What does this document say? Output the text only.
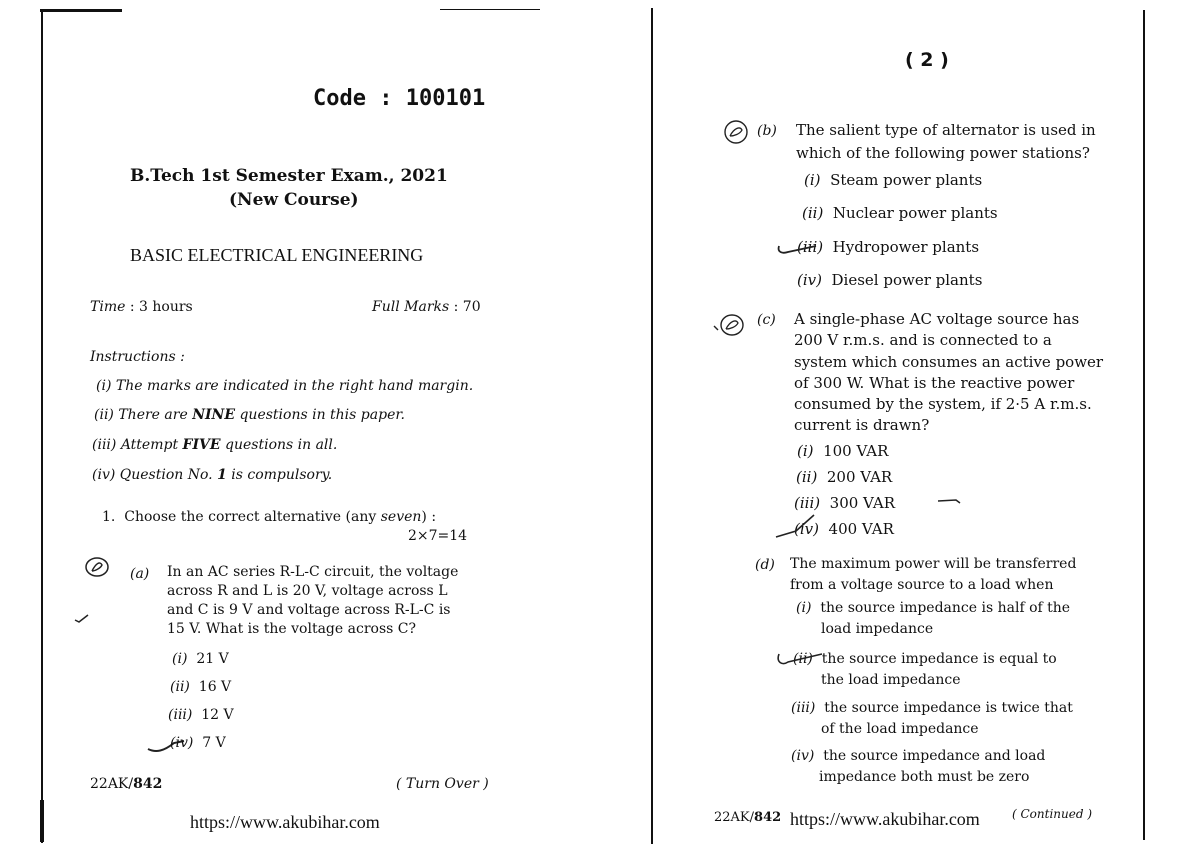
Code : 100101
B.Tech 1st Semester Exam., 2021
(New Course)
BASIC ELECTRICAL ENGINEERING
Time : 3 hours	Full Marks : 70
Instructions :
(i) The marks are indicated in the right hand margin.
(ii) There are NINE questions in this paper.
(iii) Attempt FIVE questions in all.
(iv) Question No. 1 is compulsory.
1. Choose the correct alternative (any seven) :
2×7=14
(a) In an AC series R-L-C circuit, the voltage
across R and L is 20 V, voltage across L
and C is 9 V and voltage across R-L-C is
15 V. What is the voltage across C?
(i) 21 V
(ii) 16 V
(iii) 12 V
(iv) 7 V
22AK/842	( Turn Over )
https://www.akubihar.com
( 2 )
(b) The salient type of alternator is used in
which of the following power stations?
(i) Steam power plants
(ii) Nuclear power plants
(iii) Hydropower plants
(iv) Diesel power plants
(c) A single-phase AC voltage source has
200 V r.m.s. and is connected to a
system which consumes an active power
of 300 W. What is the reactive power
consumed by the system, if 2·5 A r.m.s.
current is drawn?
(i) 100 VAR
(ii) 200 VAR
(iii) 300 VAR
(iv) 400 VAR
(d) The maximum power will be transferred
from a voltage source to a load when
(i) the source impedance is half of the
load impedance
(ii) the source impedance is equal to
the load impedance
(iii) the source impedance is twice that
of the load impedance
(iv) the source impedance and load
impedance both must be zero
22AK/842 https://www.akubihar.com	( Continued )
